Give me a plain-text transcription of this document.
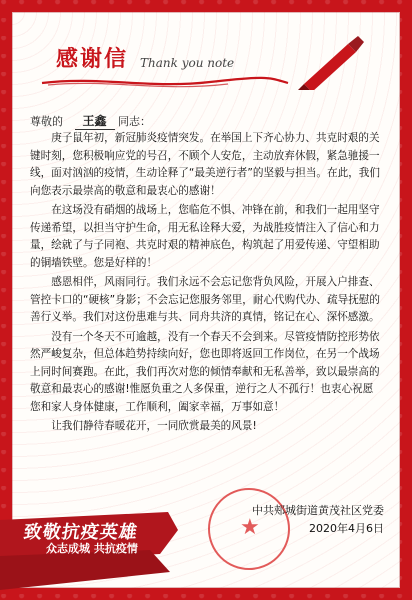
感谢信 Thank you note
尊敬的 王鑫 同志：

庚子鼠年初，新冠肺炎疫情突发。在举国上下齐心协力、共克时艰的关键时刻，您积极响应党的号召，不顾个人安危，主动放弃休假，紧急驰援一线，面对汹汹的疫情，生动诠释了“最美逆行者”的坚毅与担当。在此，我们向您表示最崇高的敬意和最衷心的感谢！

在这场没有硝烟的战场上，您临危不惧、冲锋在前，和我们一起用坚守传递希望，以担当守护生命，用无私诠释大爱，为战胜疫情注入了信心和力量，绘就了与子同袍、共克时艰的精神底色，构筑起了用爱传递、守望相助的铜墙铁壁。您是好样的！

感恩相伴，风雨同行。我们永远不会忘记您背负风险，开展入户排查、管控卡口的“硬核”身影；不会忘记您服务邻里，耐心代购代办、疏导抚慰的善行义举。我们对这份患难与共、同舟共济的真情，铭记在心、深怀感激。

没有一个冬天不可逾越，没有一个春天不会到来。尽管疫情防控形势依然严峻复杂，但总体趋势持续向好，您也即将返回工作岗位，在另一个战场上同时间赛跑。在此，我们再次对您的倾情奉献和无私善举，致以最崇高的敬意和最衷心的感谢!惟愿负重之人多保重，逆行之人不孤行！也衷心祝愿您和家人身体健康，工作顺利，阖家幸福，万事如意！

让我们静待春暖花开，一同欣赏最美的风景!

★
中共郏城街道黄茂社区党委
2020年4月6日
致敬抗疫英雄
众志成城 共抗疫情
